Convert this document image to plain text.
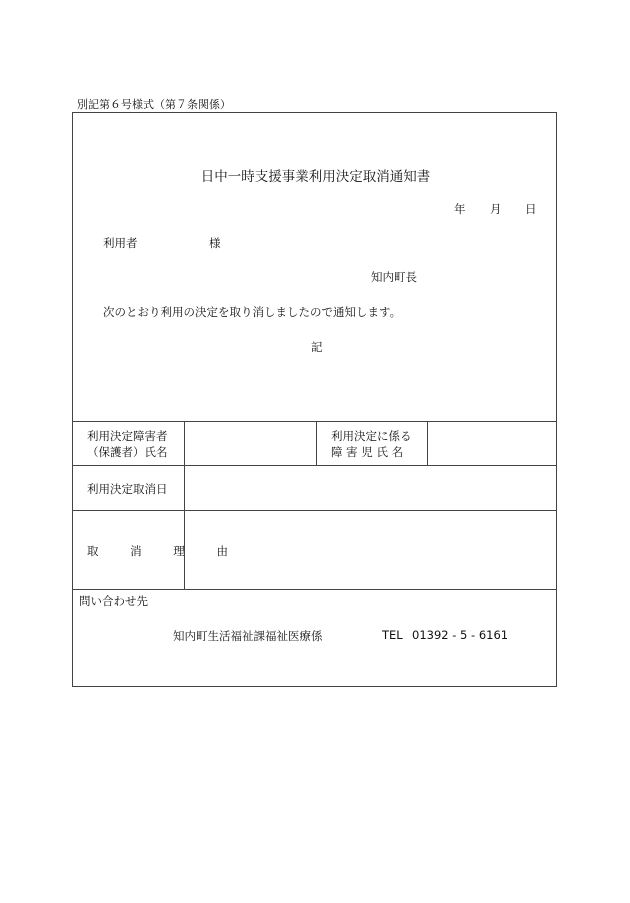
別記第６号様式（第７条関係）
日中一時支援事業利用決定取消通知書
年 月 日
利用者	様
知内町長
次のとおり利用の決定を取り消しましたので通知します。
記
利用決定障害者
（保護者）氏名
利用決定に係る
障 害 児 氏 名
利用決定取消日
取 消 理 由
問い合わせ先
知内町生活福祉課福祉医療係	TEL 01392 - 5 - 6161
